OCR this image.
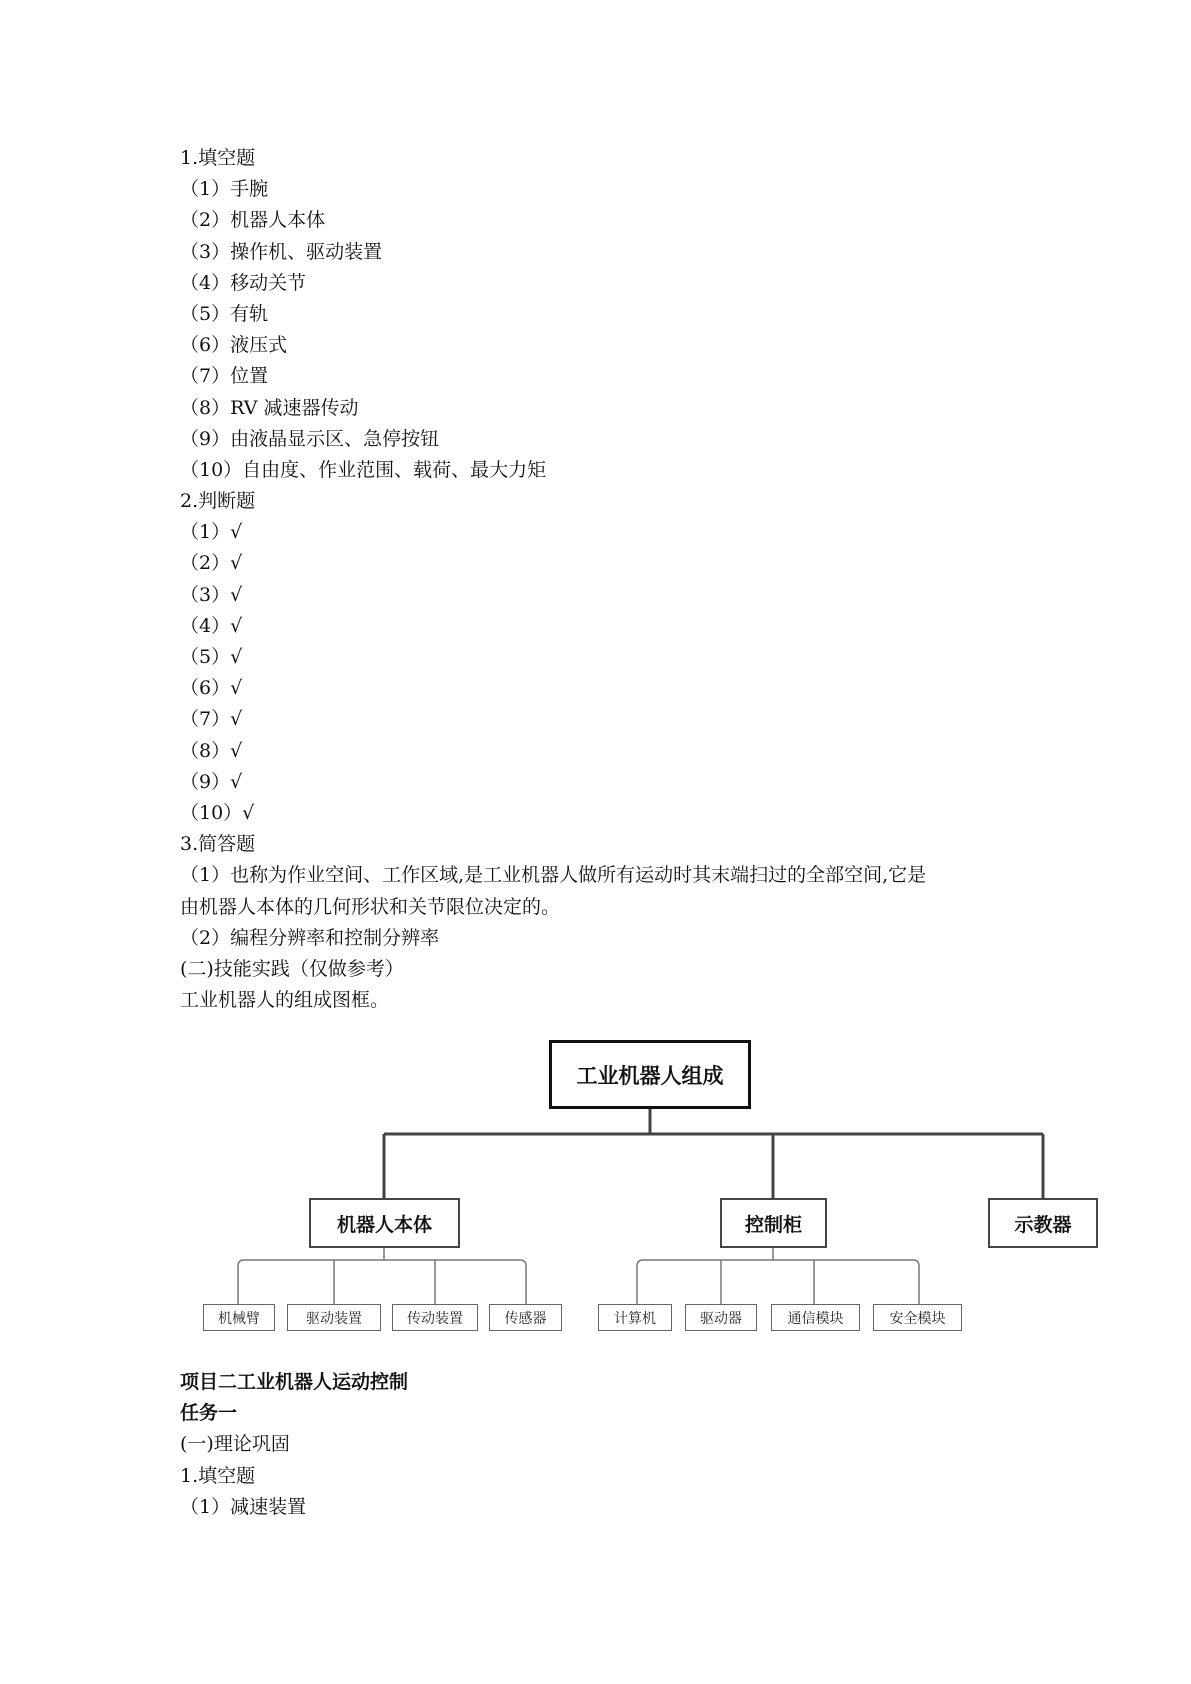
1.填空题
（1）手腕
（2）机器人本体
（3）操作机、驱动装置
（4）移动关节
（5）有轨
（6）液压式
（7）位置
（8）RV 减速器传动
（9）由液晶显示区、急停按钮
（10）自由度、作业范围、载荷、最大力矩
2.判断题
（1）√
（2）√
（3）√
（4）√
（5）√
（6）√
（7）√
（8）√
（9）√
（10）√
3.简答题
（1）也称为作业空间、工作区域,是工业机器人做所有运动时其末端扫过的全部空间,它是
由机器人本体的几何形状和关节限位决定的。
（2）编程分辨率和控制分辨率
(二)技能实践（仅做参考）
工业机器人的组成图框。
工业机器人组成
机器人本体	控制柜	示教器
机械臂	驱动装置	传动装置	传感器	计算机	驱动器	通信模块	安全模块
项目二工业机器人运动控制
任务一
(一)理论巩固
1.填空题
（1）减速装置
